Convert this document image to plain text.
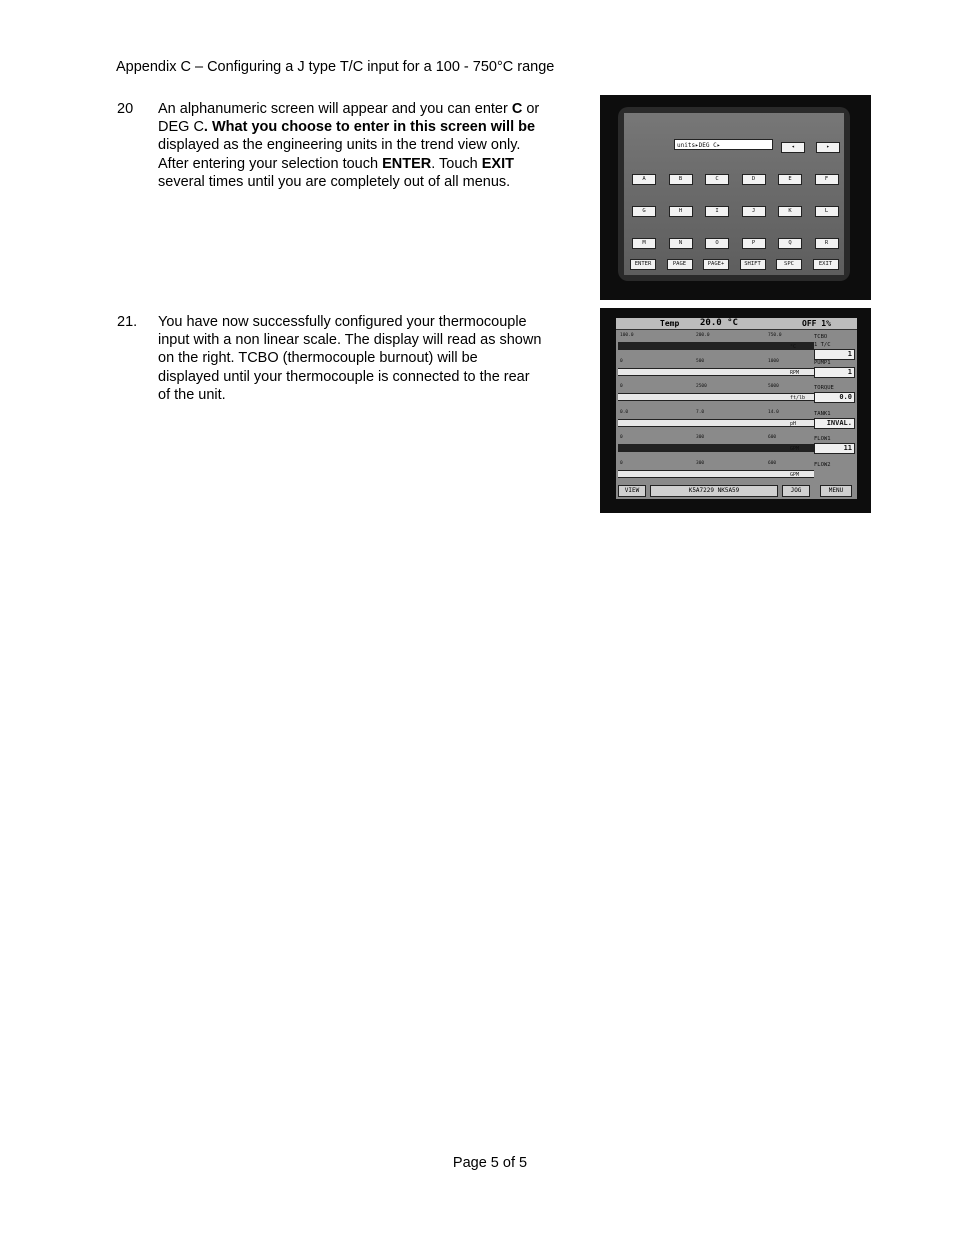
Appendix C – Configuring a J type T/C input for a 100 - 750°C range
20 An alphanumeric screen will appear and you can enter C or
DEG C. What you choose to enter in this screen will be
displayed as the engineering units in the trend view only.
After entering your selection touch ENTER. Touch EXIT
several times until you are completely out of all menus.
21. You have now successfully configured your thermocouple
input with a non linear scale. The display will read as shown
on the right. TCBO (thermocouple burnout) will be
displayed until your thermocouple is connected to the rear
of the unit.
units▸DEG C▸	◂	▸
A	B	C	D	E	F
G	H	I	J	K	L
M	N	O	P	Q	R
ENTER	PAGE	PAGE+	SHIFT	SPC	EXIT
Temp 20.0 °C	OFF 1%
100.0	200.0	750.0
°C
TCBO
1 T/C
1
0	500	1000
RPM
PUMP1
1
0	2500	5000
ft/lb
TORQUE
0.0
0.0	7.0	14.0
pH
TANK1
INVAL.
0	300	600
GPM
FLOW1
11
0	300	600
GPM
FLOW2
VIEW	K5A7229 NK5A59	JOG	MENU
Page 5 of 5
